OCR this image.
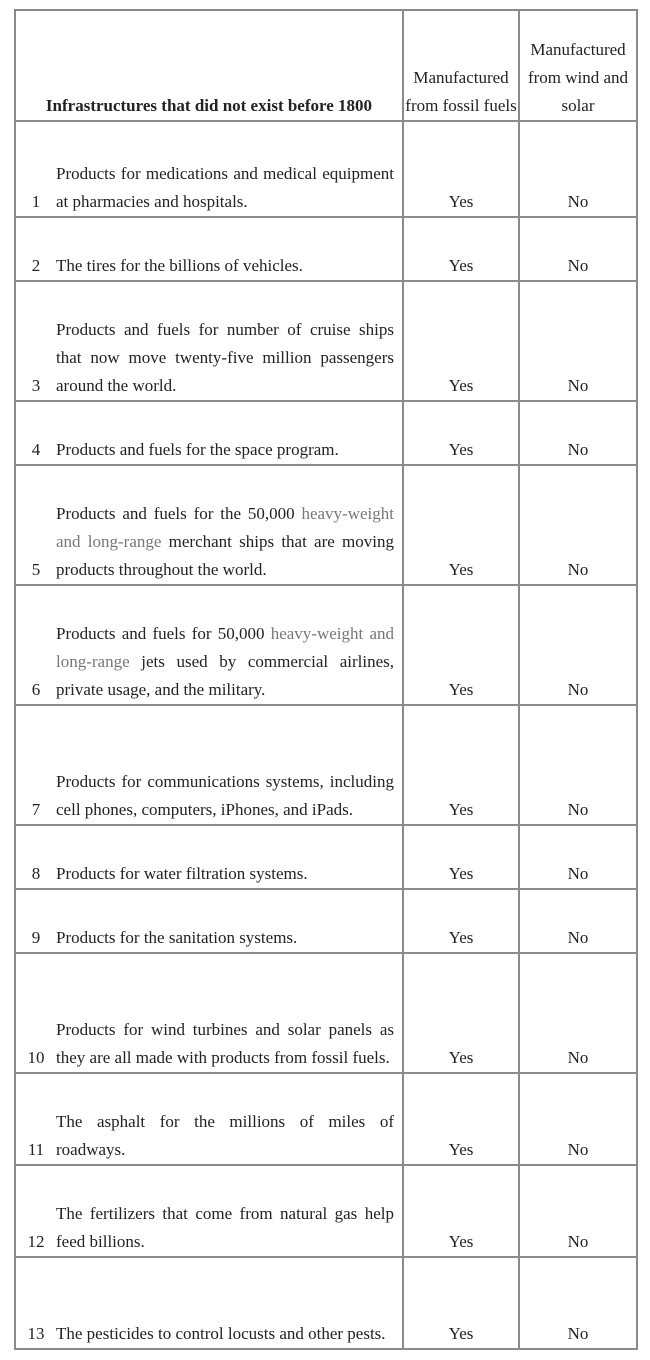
Infrastructures that did not exist before 1800	Manufactured from fossil fuels	Manufactured from wind and solar

1
Products for medications and medical equipment at pharmacies and hospitals.	Yes	No

2 The tires for the billions of vehicles.	Yes	No

3
Products and fuels for number of cruise ships that now move twenty-five million passengers around the world.	Yes	No

4 Products and fuels for the space program.	Yes	No

5
Products and fuels for the 50,000 heavy-weight and long-range merchant ships that are moving products throughout the world.	Yes	No

6
Products and fuels for 50,000 heavy-weight and long-range jets used by commercial airlines, private usage, and the military.	Yes	No

7
Products for communications systems, including cell phones, computers, iPhones, and iPads.	Yes	No

8 Products for water filtration systems.	Yes	No

9 Products for the sanitation systems.	Yes	No

10
Products for wind turbines and solar panels as they are all made with products from fossil fuels.	Yes	No

11
The asphalt for the millions of miles of roadways.	Yes	No

12
The fertilizers that come from natural gas help feed billions.	Yes	No

13 The pesticides to control locusts and other pests.	Yes	No
